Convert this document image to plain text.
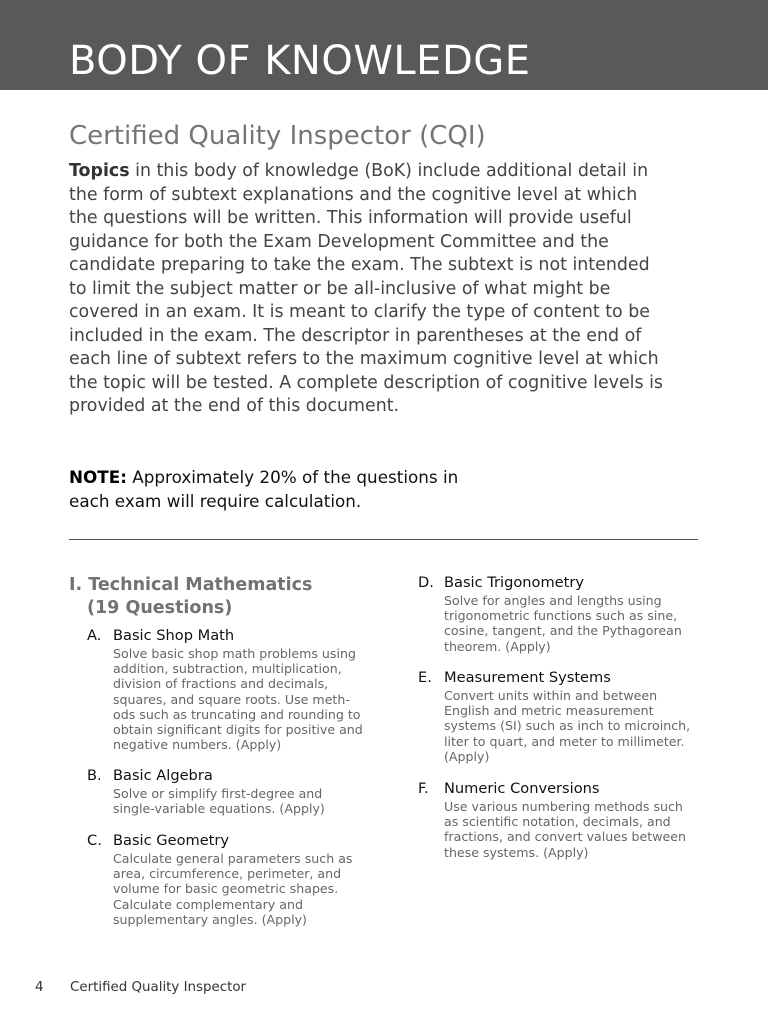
BODY OF KNOWLEDGE
Certified Quality Inspector (CQI)

Topics in this body of knowledge (BoK) include additional detail in the form of subtext explanations and the cognitive level at which the questions will be written. This information will provide useful guidance for both the Exam Development Committee and the candidate preparing to take the exam. The subtext is not intended to limit the subject matter or be all-inclusive of what might be covered in an exam. It is meant to clarify the type of content to be included in the exam. The descriptor in parentheses at the end of each line of subtext refers to the maximum cognitive level at which the topic will be tested. A complete description of cognitive levels is provided at the end of this document.

NOTE: Approximately 20% of the questions in each exam will require calculation.

I. Technical Mathematics
(19 Questions)
A. Basic Shop Math

Solve basic shop math problems using addition, subtraction, multiplication, division of fractions and decimals, squares, and square roots. Use methods such as truncating and rounding to obtain significant digits for positive and negative numbers. (Apply)

B. Basic Algebra

Solve or simplify first-degree and single-variable equations. (Apply)

C. Basic Geometry

Calculate general parameters such as area, circumference, perimeter, and volume for basic geometric shapes. Calculate complementary and supplementary angles. (Apply)

D. Basic Trigonometry

Solve for angles and lengths using trigonometric functions such as sine, cosine, tangent, and the Pythagorean theorem. (Apply)

E. Measurement Systems

Convert units within and between English and metric measurement systems (SI) such as inch to microinch, liter to quart, and meter to millimeter. (Apply)

F. Numeric Conversions

Use various numbering methods such as scientific notation, decimals, and fractions, and convert values between these systems. (Apply)

4 Certified Quality Inspector
